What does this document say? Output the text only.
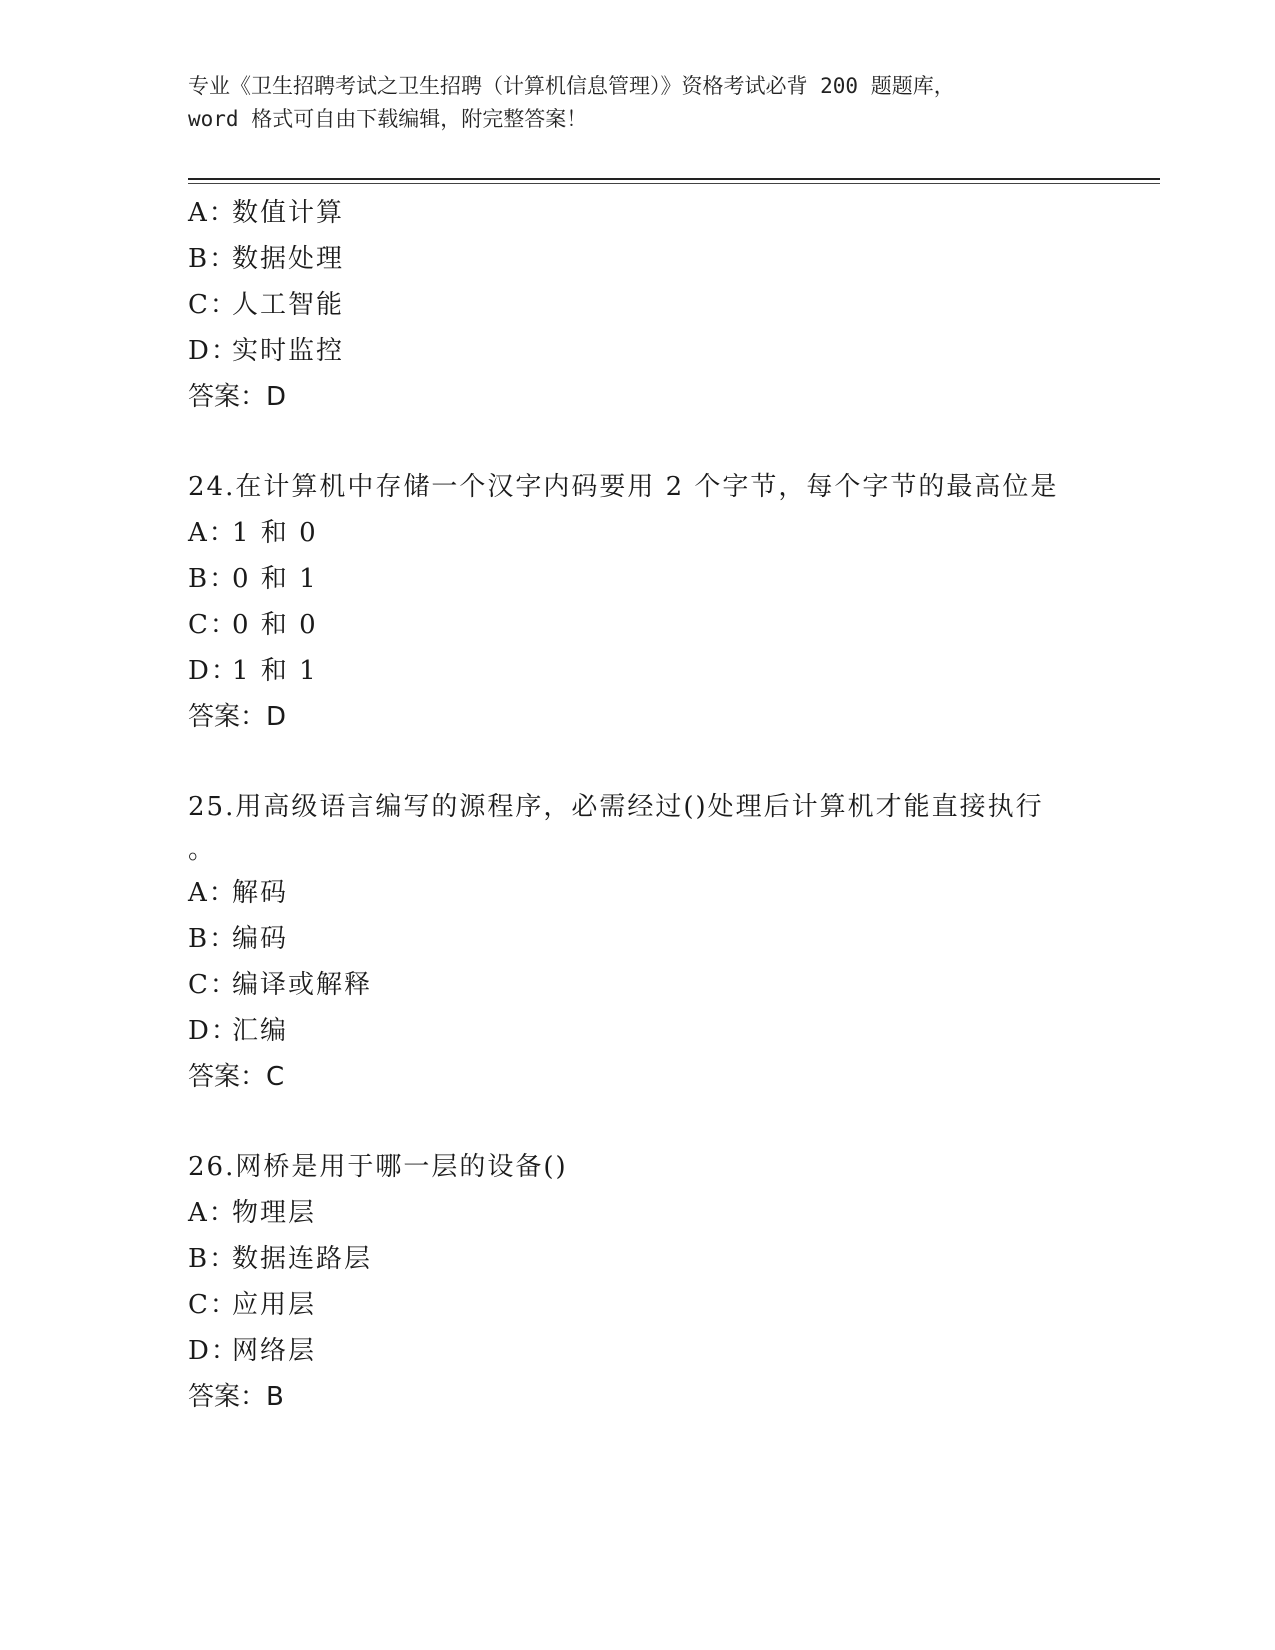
专业《卫生招聘考试之卫生招聘（计算机信息管理）》资格考试必背 200 题题库，
word 格式可自由下载编辑，附完整答案！
A：数值计算
B：数据处理
C：人工智能
D：实时监控
答案：D
24.在计算机中存储一个汉字内码要用 2 个字节，每个字节的最高位是
A：1 和 0
B：0 和 1
C：0 和 0
D：1 和 1
答案：D
25.用高级语言编写的源程序，必需经过()处理后计算机才能直接执行
。
A：解码
B：编码
C：编译或解释
D：汇编
答案：C
26.网桥是用于哪一层的设备()
A：物理层
B：数据连路层
C：应用层
D：网络层
答案：B
